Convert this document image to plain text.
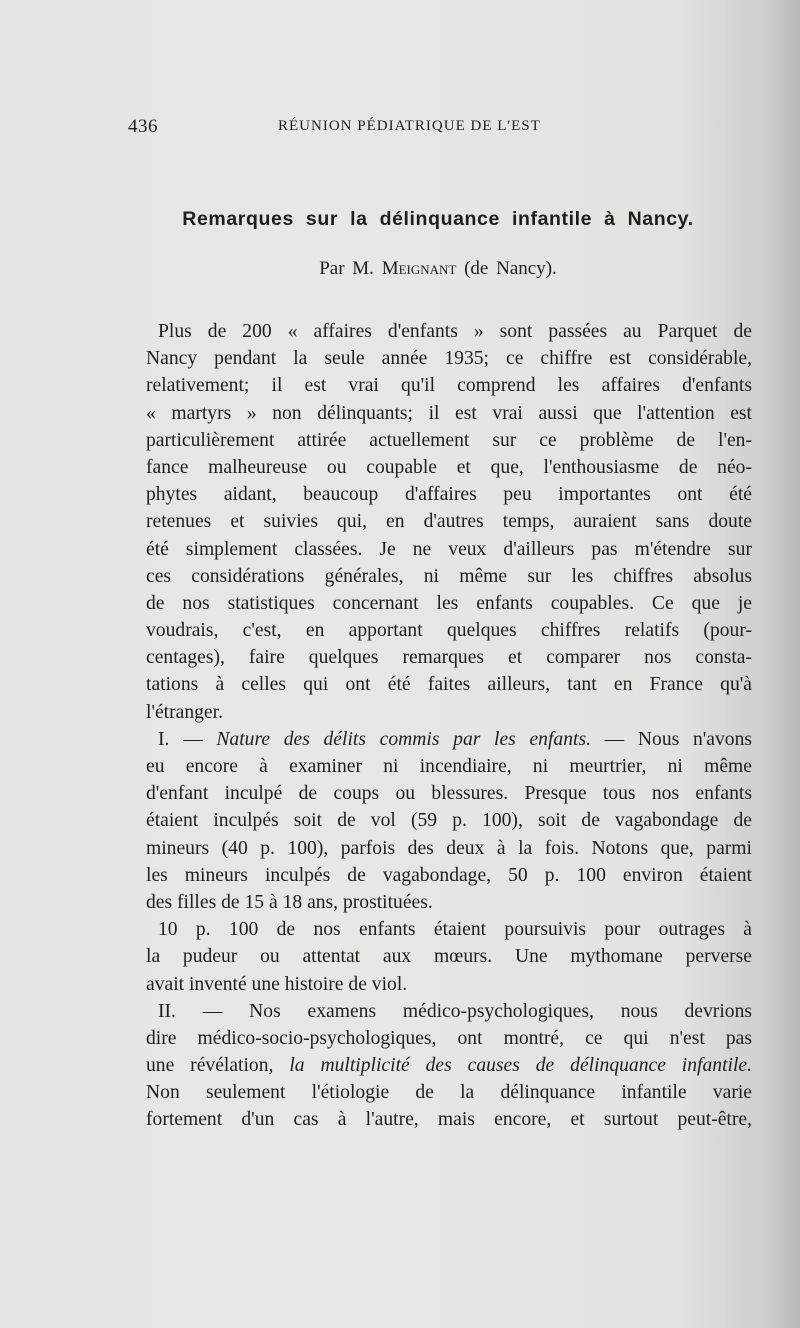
436	RÉUNION PÉDIATRIQUE DE L'EST
Remarques sur la délinquance infantile à Nancy.
Par M. Meignant (de Nancy).
Plus de 200 « affaires d'enfants » sont passées au Parquet de
Nancy pendant la seule année 1935; ce chiffre est considérable,
relativement; il est vrai qu'il comprend les affaires d'enfants
« martyrs » non délinquants; il est vrai aussi que l'attention est
particulièrement attirée actuellement sur ce problème de l'en-
fance malheureuse ou coupable et que, l'enthousiasme de néo-
phytes aidant, beaucoup d'affaires peu importantes ont été
retenues et suivies qui, en d'autres temps, auraient sans doute
été simplement classées. Je ne veux d'ailleurs pas m'étendre sur
ces considérations générales, ni même sur les chiffres absolus
de nos statistiques concernant les enfants coupables. Ce que je
voudrais, c'est, en apportant quelques chiffres relatifs (pour-
centages), faire quelques remarques et comparer nos consta-
tations à celles qui ont été faites ailleurs, tant en France qu'à
l'étranger.
I. — Nature des délits commis par les enfants. — Nous n'avons
eu encore à examiner ni incendiaire, ni meurtrier, ni même
d'enfant inculpé de coups ou blessures. Presque tous nos enfants
étaient inculpés soit de vol (59 p. 100), soit de vagabondage de
mineurs (40 p. 100), parfois des deux à la fois. Notons que, parmi
les mineurs inculpés de vagabondage, 50 p. 100 environ étaient
des filles de 15 à 18 ans, prostituées.
10 p. 100 de nos enfants étaient poursuivis pour outrages à
la pudeur ou attentat aux mœurs. Une mythomane perverse
avait inventé une histoire de viol.
II. — Nos examens médico-psychologiques, nous devrions
dire médico-socio-psychologiques, ont montré, ce qui n'est pas
une révélation, la multiplicité des causes de délinquance infantile.
Non seulement l'étiologie de la délinquance infantile varie
fortement d'un cas à l'autre, mais encore, et surtout peut-être,
